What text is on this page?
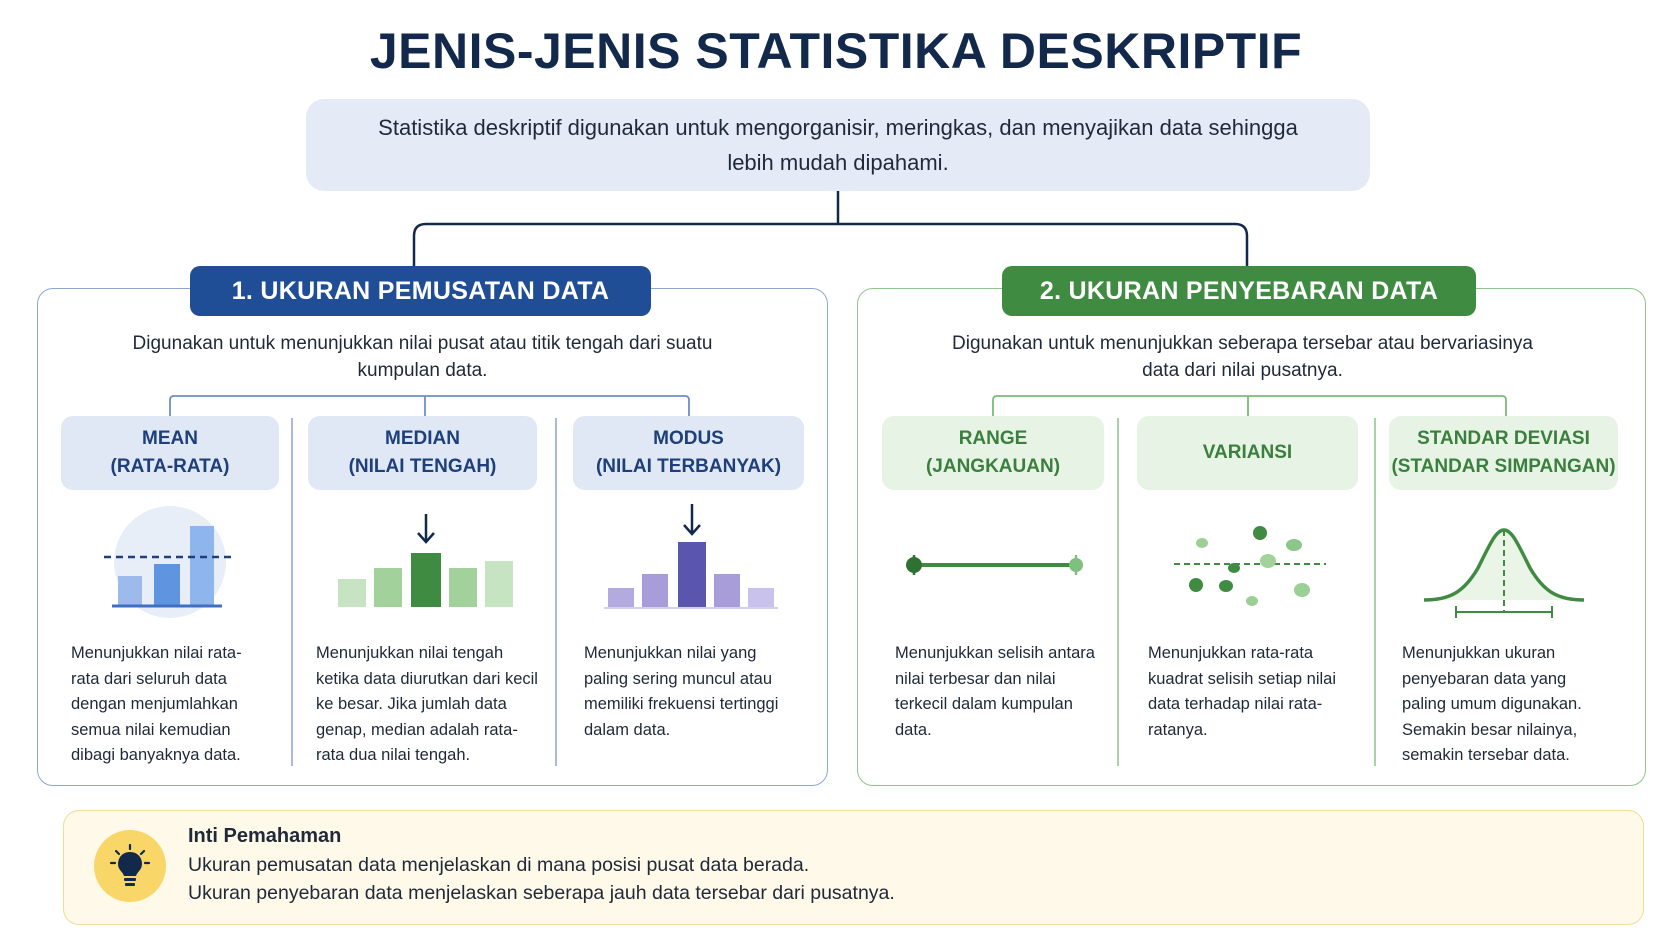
JENIS-JENIS STATISTIKA DESKRIPTIF
Statistika deskriptif digunakan untuk mengorganisir, meringkas, dan menyajikan data sehingga lebih mudah dipahami.
1. UKURAN PEMUSATAN DATA	2. UKURAN PENYEBARAN DATA
Digunakan untuk menunjukkan nilai pusat atau titik tengah dari suatu kumpulan data.
Digunakan untuk menunjukkan seberapa tersebar atau bervariasinya data dari nilai pusatnya.
MEAN
(RATA-RATA)
MEDIAN
(NILAI TENGAH)
MODUS
(NILAI TERBANYAK)
RANGE
(JANGKAUAN)
VARIANSI
STANDAR DEVIASI
(STANDAR SIMPANGAN)
Menunjukkan nilai rata-rata dari seluruh data dengan menjumlahkan semua nilai kemudian dibagi banyaknya data.
Menunjukkan nilai tengah ketika data diurutkan dari kecil ke besar. Jika jumlah data genap, median adalah rata-rata dua nilai tengah.
Menunjukkan nilai yang paling sering muncul atau memiliki frekuensi tertinggi dalam data.
Menunjukkan selisih antara nilai terbesar dan nilai terkecil dalam kumpulan data.
Menunjukkan rata-rata kuadrat selisih setiap nilai data terhadap nilai rata-ratanya.
Menunjukkan ukuran penyebaran data yang paling umum digunakan. Semakin besar nilainya, semakin tersebar data.
Inti Pemahaman
Ukuran pemusatan data menjelaskan di mana posisi pusat data berada.
Ukuran penyebaran data menjelaskan seberapa jauh data tersebar dari pusatnya.
